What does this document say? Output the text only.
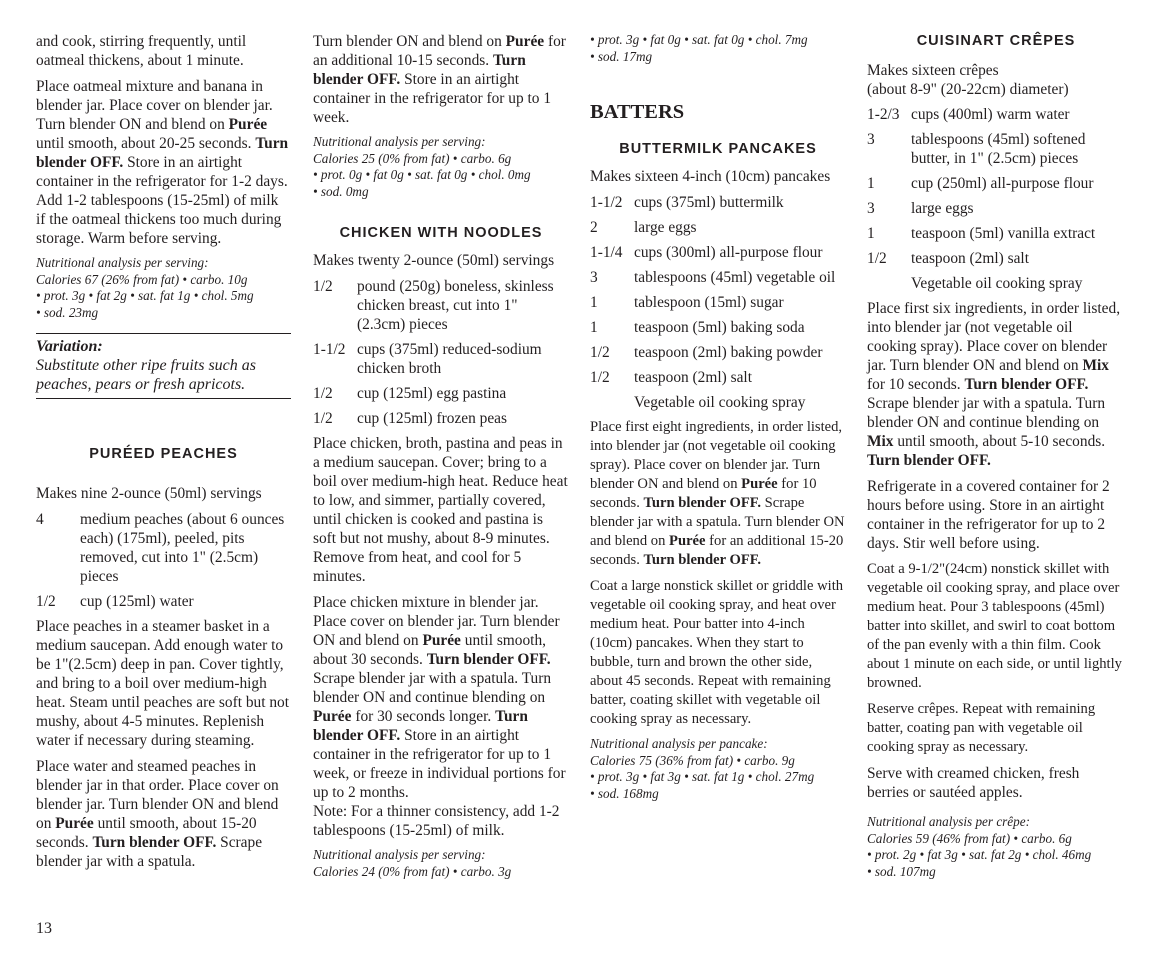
and cook, stirring frequently, until oatmeal thickens, about 1 minute.

Place oatmeal mixture and banana in blender jar. Place cover on blender jar. Turn blender ON and blend on Purée until smooth, about 20-25 seconds. Turn blender OFF. Store in an airtight container in the refrigerator for 1-2 days. Add 1-2 tablespoons (15-25ml) of milk if the oatmeal thickens too much during storage. Warm before serving.

Nutritional analysis per serving:
Calories 67 (26% from fat) • carbo. 10g
• prot. 3g • fat 2g • sat. fat 1g • chol. 5mg
• sod. 23mg
Variation:
Substitute other ripe fruits such as peaches, pears or fresh apricots.
PURÉED PEACHES

Makes nine 2-ounce (50ml) servings

4	medium peaches (about 6 ounces each) (175ml), peeled, pits removed, cut into 1" (2.5cm) pieces
1/2	cup (125ml) water

Place peaches in a steamer basket in a medium saucepan. Add enough water to be 1"(2.5cm) deep in pan. Cover tightly, and bring to a boil over medium-high heat. Steam until peaches are soft but not mushy, about 4-5 minutes. Replenish water if necessary during steaming.

Place water and steamed peaches in blender jar in that order. Place cover on blender jar. Turn blender ON and blend on Purée until smooth, about 15-20 seconds. Turn blender OFF. Scrape blender jar with a spatula.

Turn blender ON and blend on Purée for an additional 10-15 seconds. Turn blender OFF. Store in an airtight container in the refrigerator for up to 1 week.

Nutritional analysis per serving:
Calories 25 (0% from fat) • carbo. 6g
• prot. 0g • fat 0g • sat. fat 0g • chol. 0mg
• sod. 0mg
CHICKEN WITH NOODLES

Makes twenty 2-ounce (50ml) servings

1/2	pound (250g) boneless, skinless chicken breast, cut into 1" (2.3cm) pieces
1-1/2 cups (375ml) reduced-sodium chicken broth
1/2	cup (125ml) egg pastina
1/2	cup (125ml) frozen peas

Place chicken, broth, pastina and peas in a medium saucepan. Cover; bring to a boil over medium-high heat. Reduce heat to low, and simmer, partially covered, until chicken is cooked and pastina is soft but not mushy, about 8-9 minutes. Remove from heat, and cool for 5 minutes.

Place chicken mixture in blender jar. Place cover on blender jar. Turn blender ON and blend on Purée until smooth, about 30 seconds. Turn blender OFF. Scrape blender jar with a spatula. Turn blender ON and continue blending on Purée for 30 seconds longer. Turn blender OFF. Store in an airtight container in the refrigerator for up to 1 week, or freeze in individual portions for up to 2 months.

Note: For a thinner consistency, add 1-2 tablespoons (15-25ml) of milk.

Nutritional analysis per serving:
Calories 24 (0% from fat) • carbo. 3g
• prot. 3g • fat 0g • sat. fat 0g • chol. 7mg
• sod. 17mg
BATTERS
BUTTERMILK PANCAKES

Makes sixteen 4-inch (10cm) pancakes

1-1/2 cups (375ml) buttermilk
2	large eggs
1-1/4 cups (300ml) all-purpose flour
3	tablespoons (45ml) vegetable oil
1	tablespoon (15ml) sugar
1	teaspoon (5ml) baking soda
1/2	teaspoon (2ml) baking powder
1/2	teaspoon (2ml) salt
Vegetable oil cooking spray

Place first eight ingredients, in order listed, into blender jar (not vegetable oil cooking spray). Place cover on blender jar. Turn blender ON and blend on Purée for 10 seconds. Turn blender OFF. Scrape blender jar with a spatula. Turn blender ON and blend on Purée for an additional 15-20 seconds. Turn blender OFF.

Coat a large nonstick skillet or griddle with vegetable oil cooking spray, and heat over medium heat. Pour batter into 4-inch (10cm) pancakes. When they start to bubble, turn and brown the other side, about 45 seconds. Repeat with remaining batter, coating skillet with vegetable oil cooking spray as necessary.

Nutritional analysis per pancake:
Calories 75 (36% from fat) • carbo. 9g
• prot. 3g • fat 3g • sat. fat 1g • chol. 27mg
• sod. 168mg
CUISINART CRÊPES

Makes sixteen crêpes
(about 8-9" (20-22cm) diameter)

1-2/3 cups (400ml) warm water
3	tablespoons (45ml) softened butter, in 1" (2.5cm) pieces
1	cup (250ml) all-purpose flour
3	large eggs
1	teaspoon (5ml) vanilla extract
1/2	teaspoon (2ml) salt
Vegetable oil cooking spray

Place first six ingredients, in order listed, into blender jar (not vegetable oil cooking spray). Place cover on blender jar. Turn blender ON and blend on Mix for 10 seconds. Turn blender OFF. Scrape blender jar with a spatula. Turn blender ON and continue blending on Mix until smooth, about 5-10 seconds. Turn blender OFF.

Refrigerate in a covered container for 2 hours before using. Store in an airtight container in the refrigerator for up to 2 days. Stir well before using.

Coat a 9-1/2"(24cm) nonstick skillet with vegetable oil cooking spray, and place over medium heat. Pour 3 tablespoons (45ml) batter into skillet, and swirl to coat bottom of the pan evenly with a thin film. Cook about 1 minute on each side, or until lightly browned.

Reserve crêpes. Repeat with remaining batter, coating pan with vegetable oil cooking spray as necessary.

Serve with creamed chicken, fresh berries or sautéed apples.

Nutritional analysis per crêpe:
Calories 59 (46% from fat) • carbo. 6g
• prot. 2g • fat 3g • sat. fat 2g • chol. 46mg
• sod. 107mg
13
